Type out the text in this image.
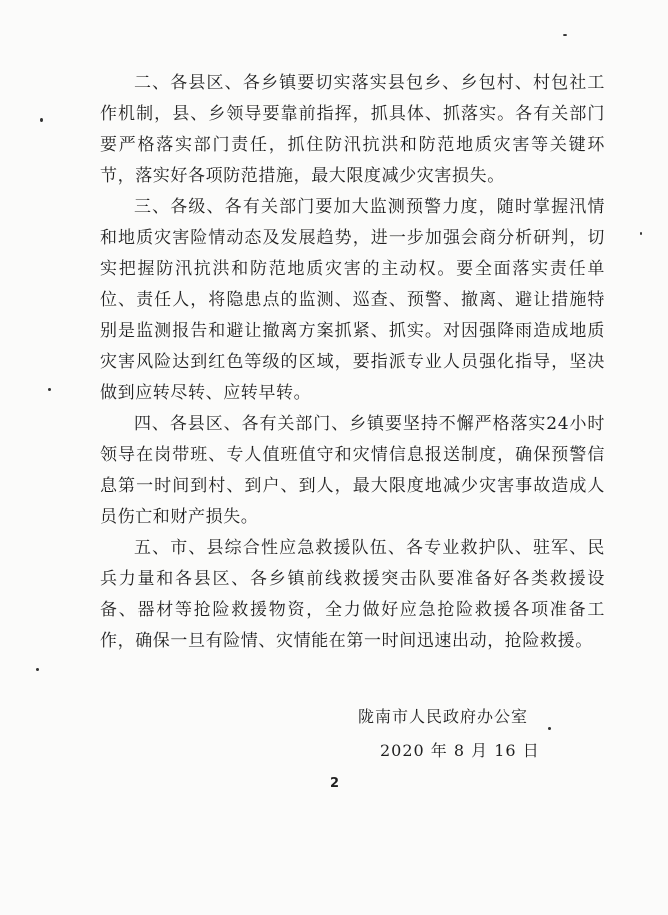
二、各县区、各乡镇要切实落实县包乡、乡包村、村包社工作机制，县、乡领导要靠前指挥，抓具体、抓落实。各有关部门要严格落实部门责任，抓住防汛抗洪和防范地质灾害等关键环节，落实好各项防范措施，最大限度减少灾害损失。

三、各级、各有关部门要加大监测预警力度，随时掌握汛情和地质灾害险情动态及发展趋势，进一步加强会商分析研判，切实把握防汛抗洪和防范地质灾害的主动权。要全面落实责任单位、责任人，将隐患点的监测、巡查、预警、撤离、避让措施特别是监测报告和避让撤离方案抓紧、抓实。对因强降雨造成地质灾害风险达到红色等级的区域，要指派专业人员强化指导，坚决做到应转尽转、应转早转。

四、各县区、各有关部门、乡镇要坚持不懈严格落实24小时领导在岗带班、专人值班值守和灾情信息报送制度，确保预警信息第一时间到村、到户、到人，最大限度地减少灾害事故造成人员伤亡和财产损失。

五、市、县综合性应急救援队伍、各专业救护队、驻军、民兵力量和各县区、各乡镇前线救援突击队要准备好各类救援设备、器材等抢险救援物资，全力做好应急抢险救援各项准备工作，确保一旦有险情、灾情能在第一时间迅速出动，抢险救援。

陇南市人民政府办公室
2020 年 8 月 16 日
2
